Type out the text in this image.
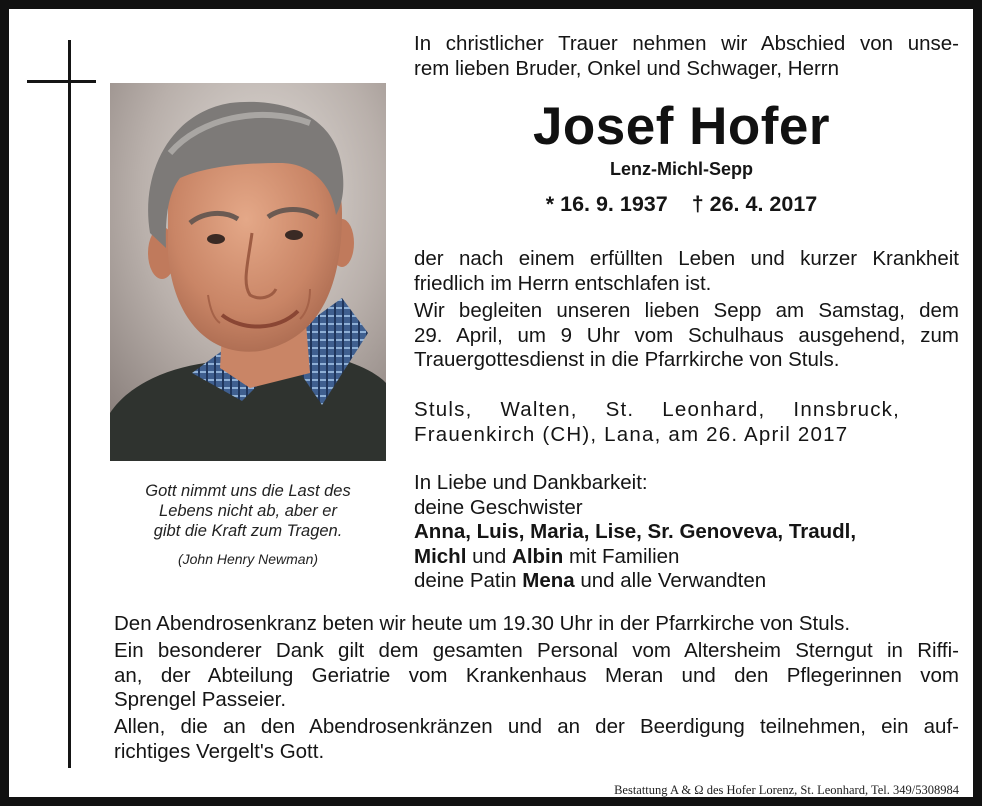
Gott nimmt uns die Last des
Lebens nicht ab, aber er
gibt die Kraft zum Tragen.
(John Henry Newman)
In christlicher Trauer nehmen wir Abschied von unse-
rem lieben Bruder, Onkel und Schwager, Herrn
Josef Hofer
Lenz-Michl-Sepp
* 16. 9. 1937 † 26. 4. 2017
der nach einem erfüllten Leben und kurzer Krankheit
friedlich im Herrn entschlafen ist.
Wir begleiten unseren lieben Sepp am Samstag, dem
29. April, um 9 Uhr vom Schulhaus ausgehend, zum
Trauergottesdienst in die Pfarrkirche von Stuls.
Stuls, Walten, St. Leonhard, Innsbruck,
Frauenkirch (CH), Lana, am 26. April 2017
In Liebe und Dankbarkeit:
deine Geschwister
Anna, Luis, Maria, Lise, Sr. Genoveva, Traudl,
Michl und Albin mit Familien
deine Patin Mena und alle Verwandten
Den Abendrosenkranz beten wir heute um 19.30 Uhr in der Pfarrkirche von Stuls.
Ein besonderer Dank gilt dem gesamten Personal vom Altersheim Sterngut in Riffi-
an, der Abteilung Geriatrie vom Krankenhaus Meran und den Pflegerinnen vom
Sprengel Passeier.
Allen, die an den Abendrosenkränzen und an der Beerdigung teilnehmen, ein auf-
richtiges Vergelt's Gott.
Bestattung A & Ω des Hofer Lorenz, St. Leonhard, Tel. 349/5308984
